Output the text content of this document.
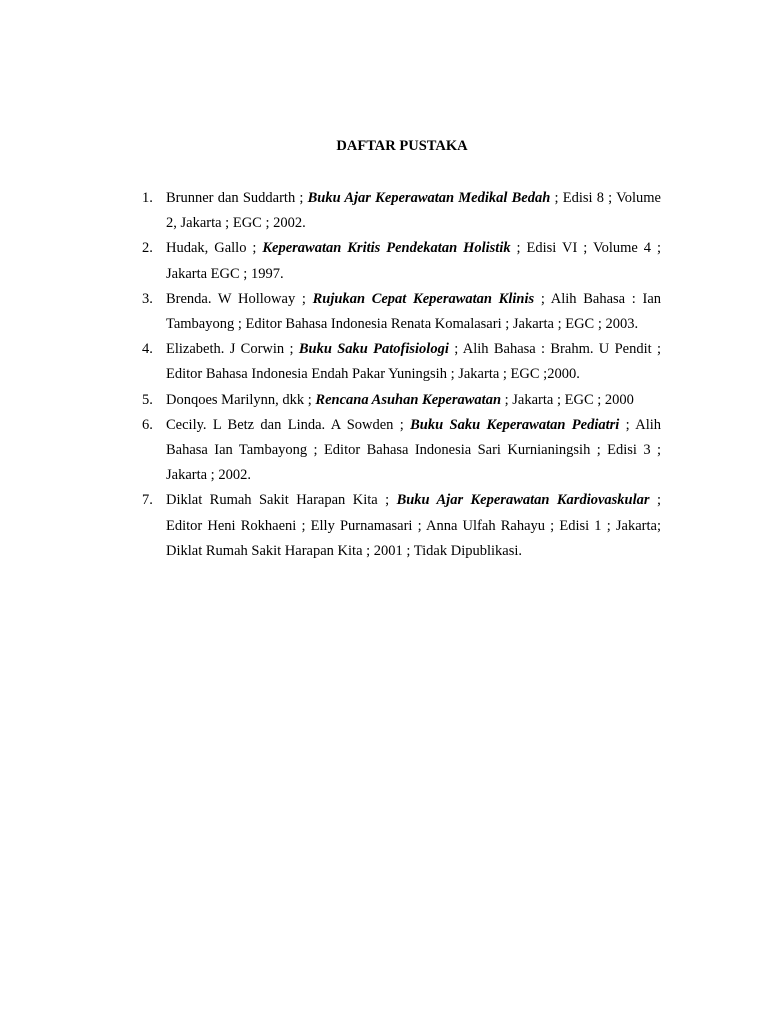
DAFTAR PUSTAKA
1. Brunner dan Suddarth ; Buku Ajar Keperawatan Medikal Bedah ; Edisi 8 ; Volume 2, Jakarta ; EGC ; 2002.
2. Hudak, Gallo ; Keperawatan Kritis Pendekatan Holistik ; Edisi VI ; Volume 4 ; Jakarta EGC ; 1997.
3. Brenda. W Holloway ; Rujukan Cepat Keperawatan Klinis ; Alih Bahasa : Ian Tambayong ; Editor Bahasa Indonesia Renata Komalasari ; Jakarta ; EGC ; 2003.
4. Elizabeth. J Corwin ; Buku Saku Patofisiologi ; Alih Bahasa : Brahm. U Pendit ; Editor Bahasa Indonesia Endah Pakar Yuningsih ; Jakarta ; EGC ;2000.
5. Donqoes Marilynn, dkk ; Rencana Asuhan Keperawatan ; Jakarta ; EGC ; 2000
6. Cecily. L Betz dan Linda. A Sowden ; Buku Saku Keperawatan Pediatri ; Alih Bahasa Ian Tambayong ; Editor Bahasa Indonesia Sari Kurnianingsih ; Edisi 3 ; Jakarta ; 2002.
7. Diklat Rumah Sakit Harapan Kita ; Buku Ajar Keperawatan Kardiovaskular ; Editor Heni Rokhaeni ; Elly Purnamasari ; Anna Ulfah Rahayu ; Edisi 1 ; Jakarta; Diklat Rumah Sakit Harapan Kita ; 2001 ; Tidak Dipublikasi.
